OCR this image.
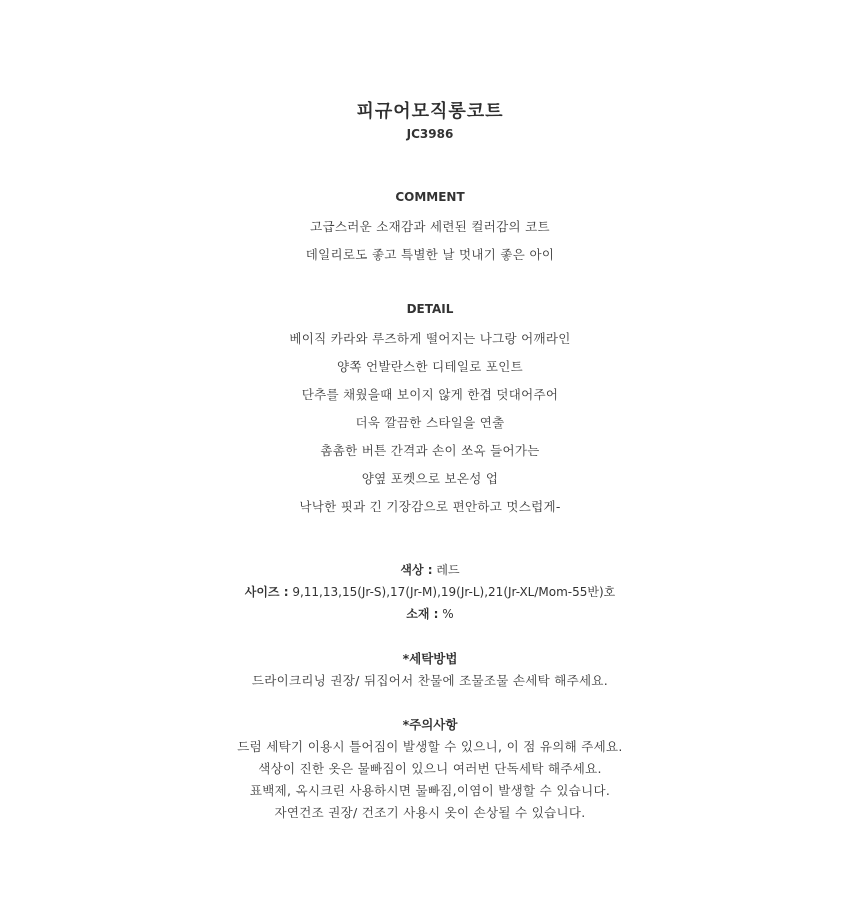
피규어모직롱코트
JC3986
COMMENT
고급스러운 소재감과 세련된 컬러감의 코트
데일리로도 좋고 특별한 날 멋내기 좋은 아이
DETAIL
베이직 카라와 루즈하게 떨어지는 나그랑 어깨라인
양쪽 언발란스한 디테일로 포인트
단추를 채웠을때 보이지 않게 한겹 덧대어주어
더욱 깔끔한 스타일을 연출
촘촘한 버튼 간격과 손이 쏘옥 들어가는
양옆 포켓으로 보온성 업
낙낙한 핏과 긴 기장감으로 편안하고 멋스럽게-
색상 : 레드
사이즈 : 9,11,13,15(Jr-S),17(Jr-M),19(Jr-L),21(Jr-XL/Mom-55반)호
소재 : %
*세탁방법
드라이크리닝 권장/ 뒤집어서 찬물에 조물조물 손세탁 해주세요.
*주의사항
드럼 세탁기 이용시 틀어짐이 발생할 수 있으니, 이 점 유의해 주세요.
색상이 진한 옷은 물빠짐이 있으니 여러번 단독세탁 해주세요.
표백제, 옥시크린 사용하시면 물빠짐,이염이 발생할 수 있습니다.
자연건조 권장/ 건조기 사용시 옷이 손상될 수 있습니다.
